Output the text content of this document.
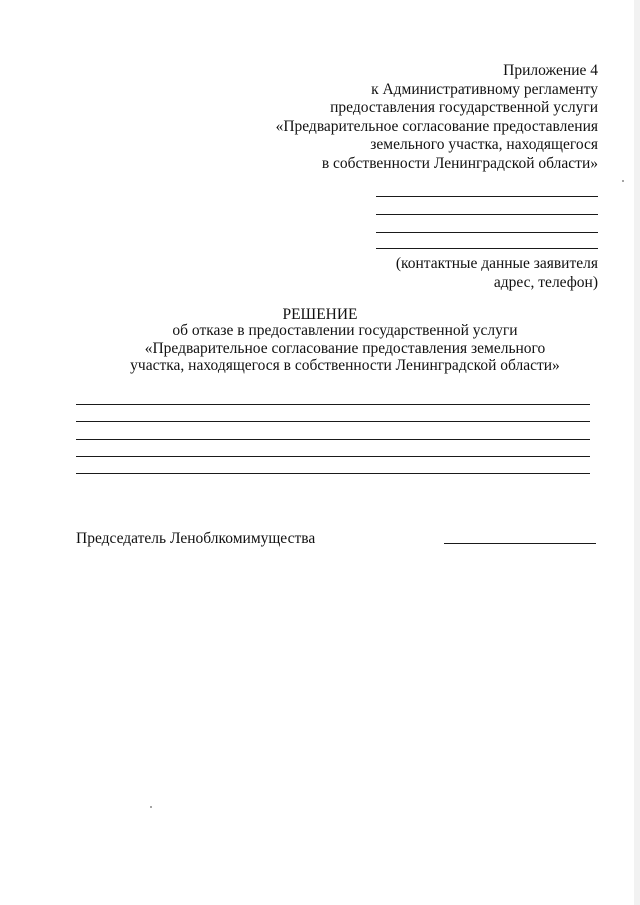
Приложение 4
к Административному регламенту
предоставления государственной услуги
«Предварительное согласование предоставления
земельного участка, находящегося
в собственности Ленинградской области»
(контактные данные заявителя
адрес, телефон)
РЕШЕНИЕ
об отказе в предоставлении государственной услуги
«Предварительное согласование предоставления земельного
участка, находящегося в собственности Ленинградской области»
Председатель Леноблкомимущества
